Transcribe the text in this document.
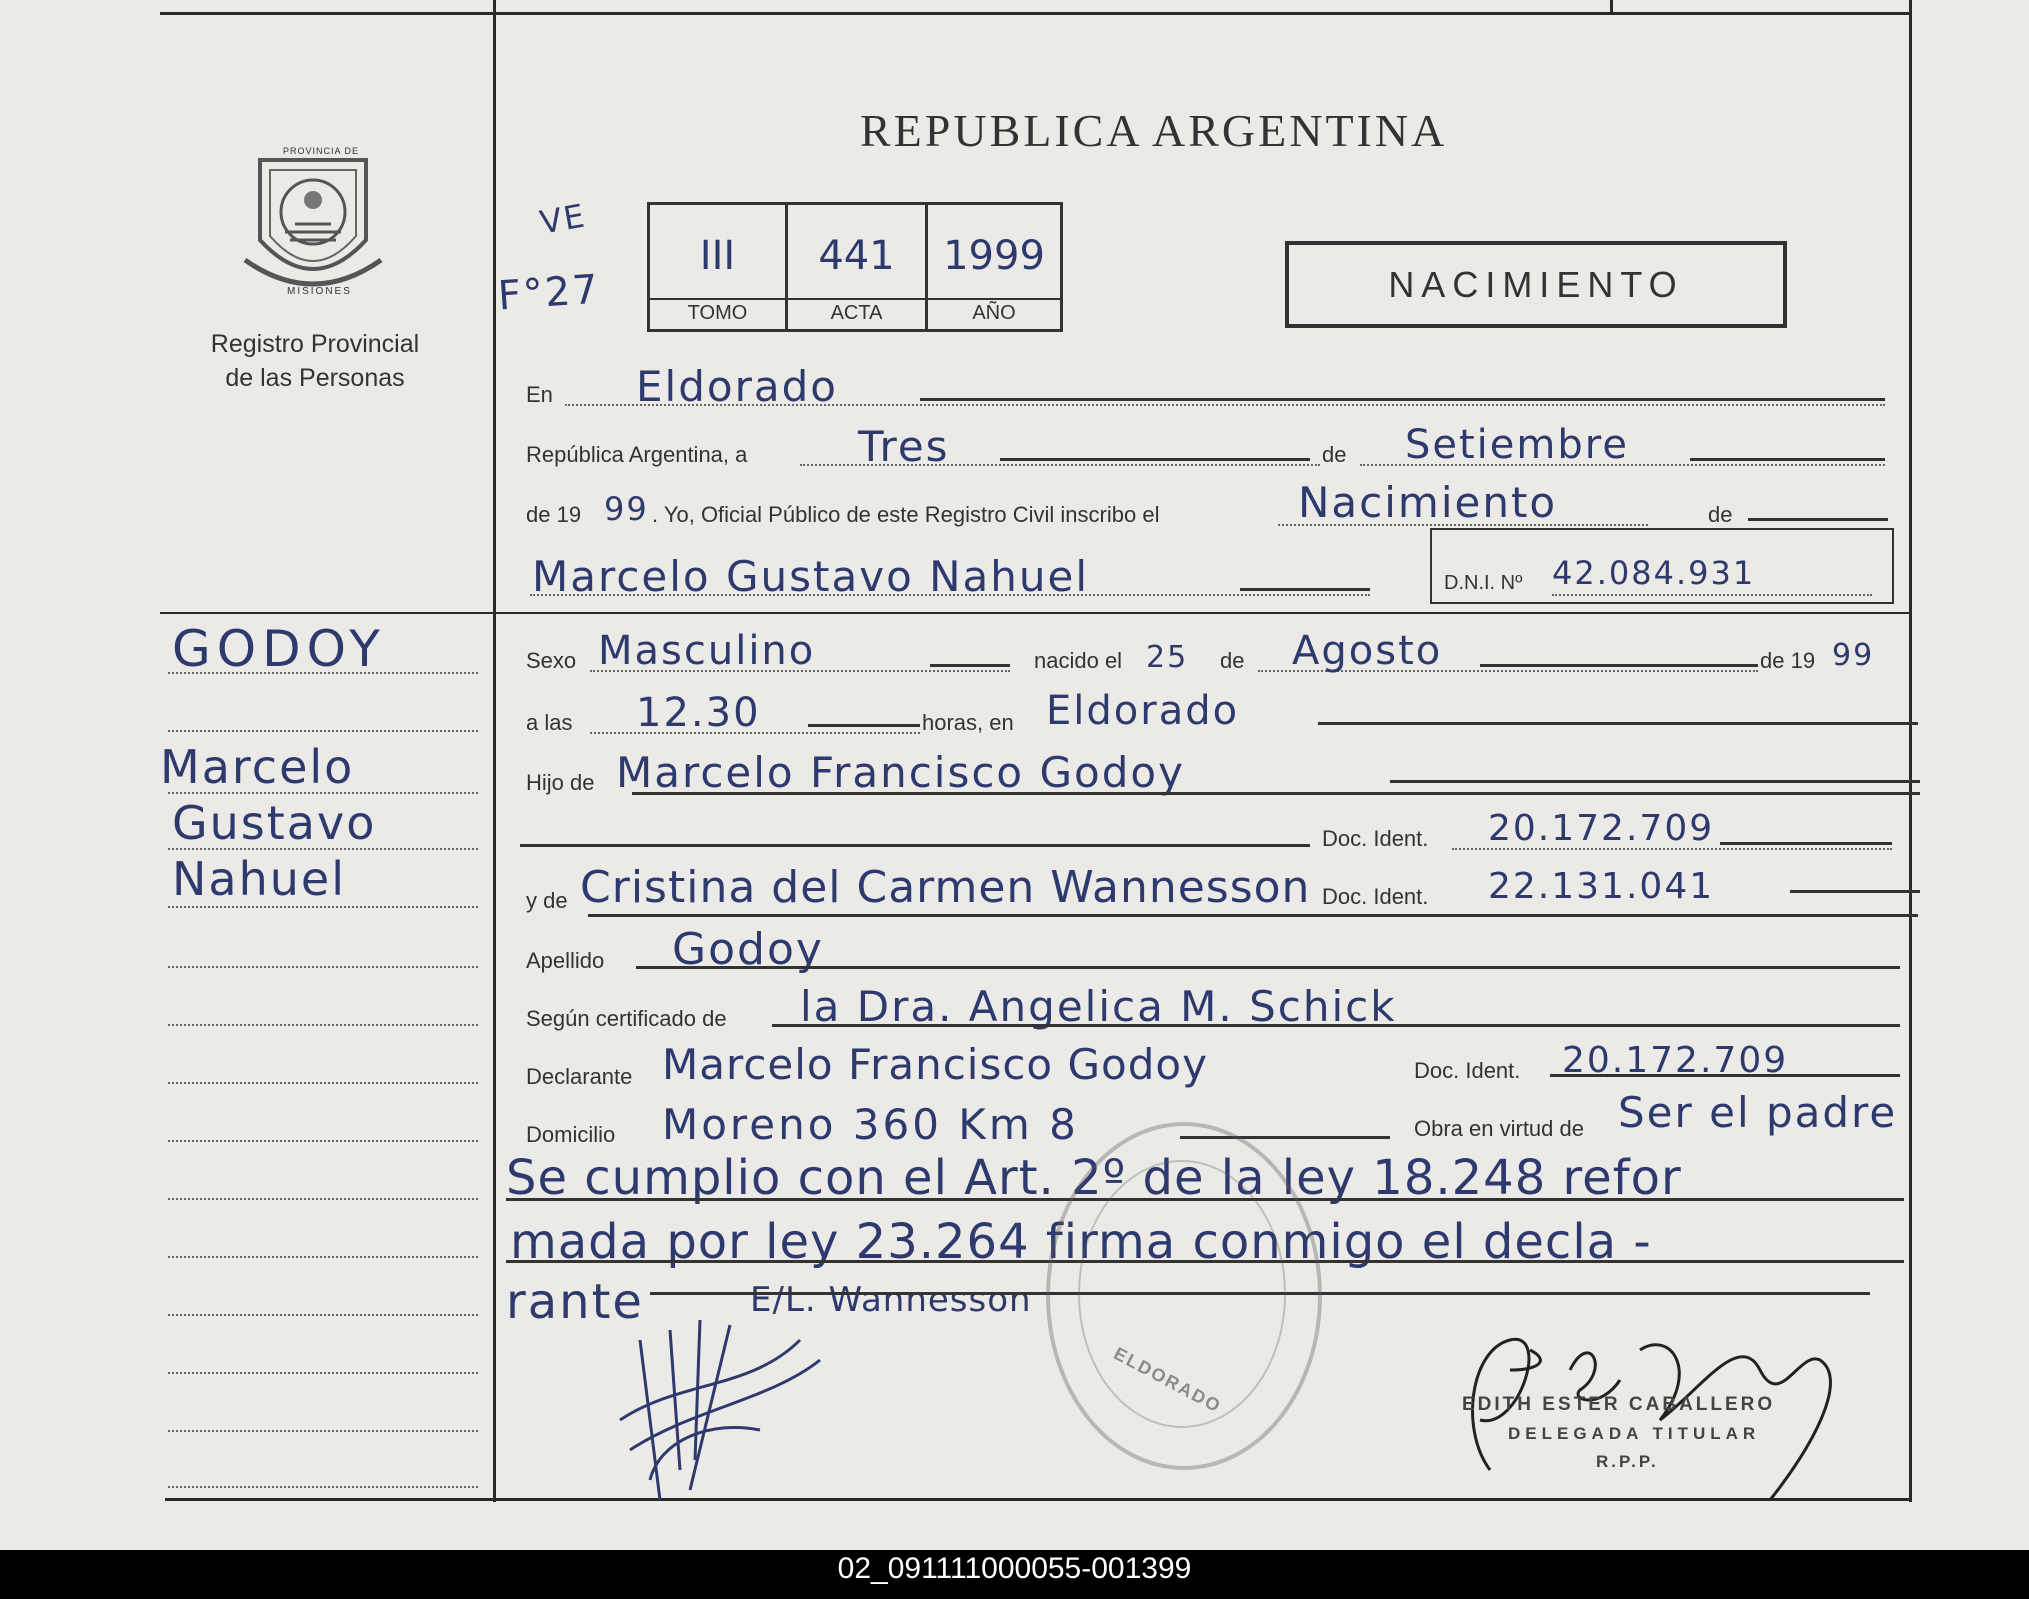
PROVINCIA DE
MISIONES
Registro Provincial
de las Personas
REPUBLICA ARGENTINA
VE
F°27
III
TOMO
441
ACTA
1999
AÑO
NACIMIENTO
En Eldorado
República Argentina, a	Tres	de Setiembre
de 19 99 . Yo, Oficial Público de este Registro Civil inscribo el	Nacimiento	de
Marcelo Gustavo Nahuel	D.N.I. Nº 42.084.931
GODOY
Marcelo
Gustavo
Nahuel
Sexo Masculino	nacido el 25 de Agosto	de 19 99
a las 12.30	horas, en Eldorado
Hijo de Marcelo Francisco Godoy
Doc. Ident. 20.172.709
y de Cristina del Carmen Wannesson Doc. Ident. 22.131.041
Apellido Godoy
Según certificado de la Dra. Angelica M. Schick
Declarante Marcelo Francisco Godoy	Doc. Ident. 20.172.709
Domicilio Moreno 360 Km 8	Obra en virtud de Ser el padre
Se cumplio con el Art. 2º de la ley 18.248 refor
mada por ley 23.264 firma conmigo el decla -
rante	E/L. Wannesson
ELDORADO	EDITH ESTER CABALLERO
DELEGADA TITULAR
R.P.P.
02_091111000055-001399
